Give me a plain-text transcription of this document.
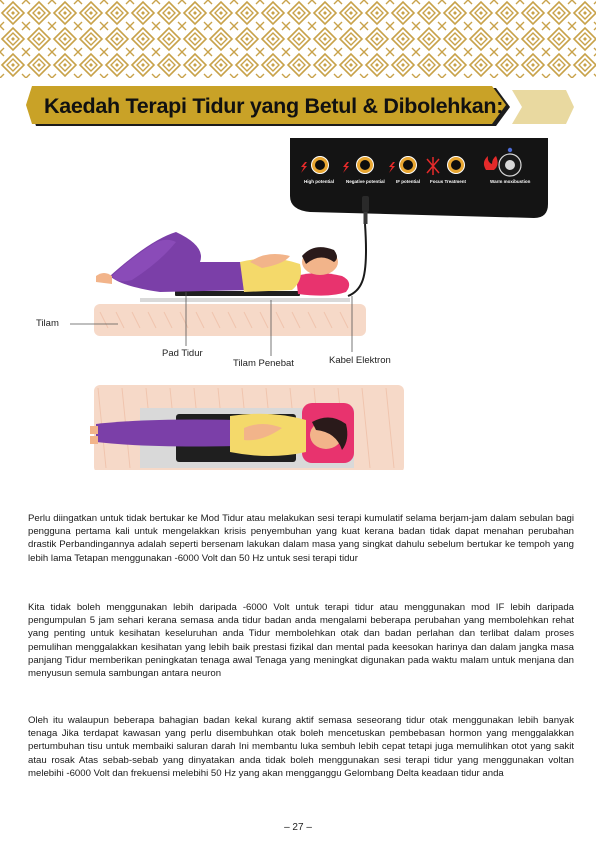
Kaedah Terapi Tidur yang Betul & Dibolehkan:
High potential	Negative potential IF potential Focus Treatment	Warm moxibustion
Tilam
Pad Tidur
Tilam Penebat	Kabel Elektron

Perlu diingatkan untuk tidak bertukar ke Mod Tidur atau melakukan sesi terapi kumulatif selama berjam-jam dalam sebulan bagi pengguna pertama kali untuk mengelakkan krisis penyembuhan yang kuat kerana badan tidak dapat menahan perubahan drastik Perbandingannya adalah seperti bersenam lakukan dalam masa yang singkat dahulu sebelum bertukar ke tempoh yang lebih lama Tetapan menggunakan -6000 Volt dan 50 Hz untuk sesi terapi tidur

Kita tidak boleh menggunakan lebih daripada -6000 Volt untuk terapi tidur atau menggunakan mod IF lebih daripada pengumpulan 5 jam sehari kerana semasa anda tidur badan anda mengalami beberapa perubahan yang membolehkan rehat yang penting untuk kesihatan keseluruhan anda Tidur membolehkan otak dan badan perlahan dan terlibat dalam proses pemulihan menggalakkan kesihatan yang lebih baik prestasi fizikal dan mental pada keesokan harinya dan dalam jangka masa panjang Tidur memberikan peningkatan tenaga awal Tenaga yang meningkat digunakan pada waktu malam untuk menjana dan menyusun semula sambungan antara neuron

Oleh itu walaupun beberapa bahagian badan kekal kurang aktif semasa seseorang tidur otak menggunakan lebih banyak tenaga Jika terdapat kawasan yang perlu disembuhkan otak boleh mencetuskan pembebasan hormon yang menggalakkan pertumbuhan tisu untuk membaiki saluran darah Ini membantu luka sembuh lebih cepat tetapi juga memulihkan otot yang sakit atau rosak Atas sebab-sebab yang dinyatakan anda tidak boleh menggunakan sesi terapi tidur yang menggunakan voltan melebihi -6000 Volt dan frekuensi melebihi 50 Hz yang akan mengganggu Gelombang Delta keadaan tidur anda

– 27 –
